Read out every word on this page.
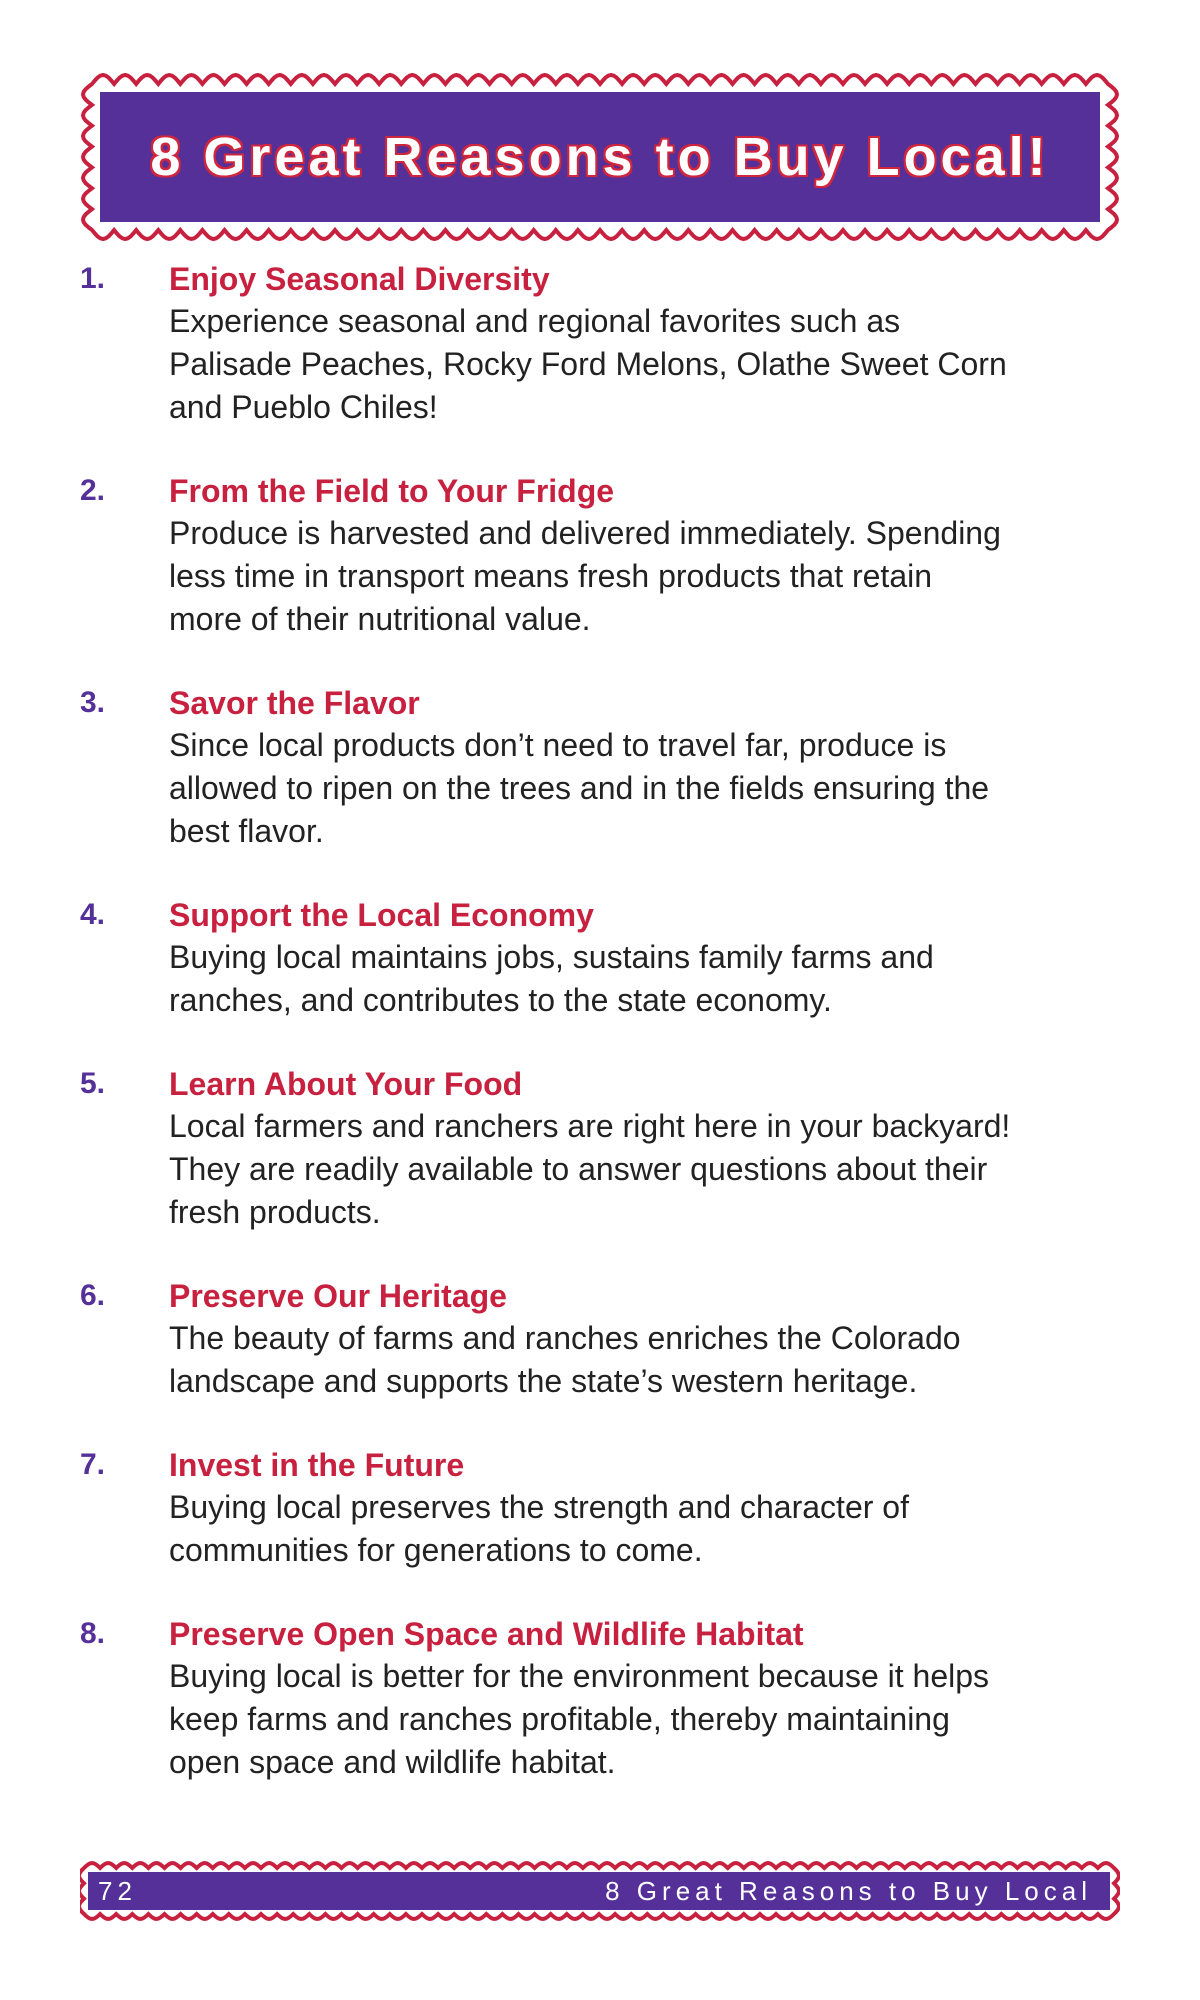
8 Great Reasons to Buy Local!
1.	Enjoy Seasonal Diversity

Experience seasonal and regional favorites such as

Palisade Peaches, Rocky Ford Melons, Olathe Sweet Corn

and Pueblo Chiles!

2.	From the Field to Your Fridge

Produce is harvested and delivered immediately. Spending

less time in transport means fresh products that retain

more of their nutritional value.

3.	Savor the Flavor

Since local products don’t need to travel far, produce is

allowed to ripen on the trees and in the fields ensuring the

best flavor.

4.	Support the Local Economy

Buying local maintains jobs, sustains family farms and

ranches, and contributes to the state economy.

5.	Learn About Your Food

Local farmers and ranchers are right here in your backyard!

They are readily available to answer questions about their

fresh products.

6.	Preserve Our Heritage

The beauty of farms and ranches enriches the Colorado

landscape and supports the state’s western heritage.

7.	Invest in the Future

Buying local preserves the strength and character of

communities for generations to come.

8.	Preserve Open Space and Wildlife Habitat

Buying local is better for the environment because it helps

keep farms and ranches profitable, thereby maintaining

open space and wildlife habitat.

72	8 Great Reasons to Buy Local
